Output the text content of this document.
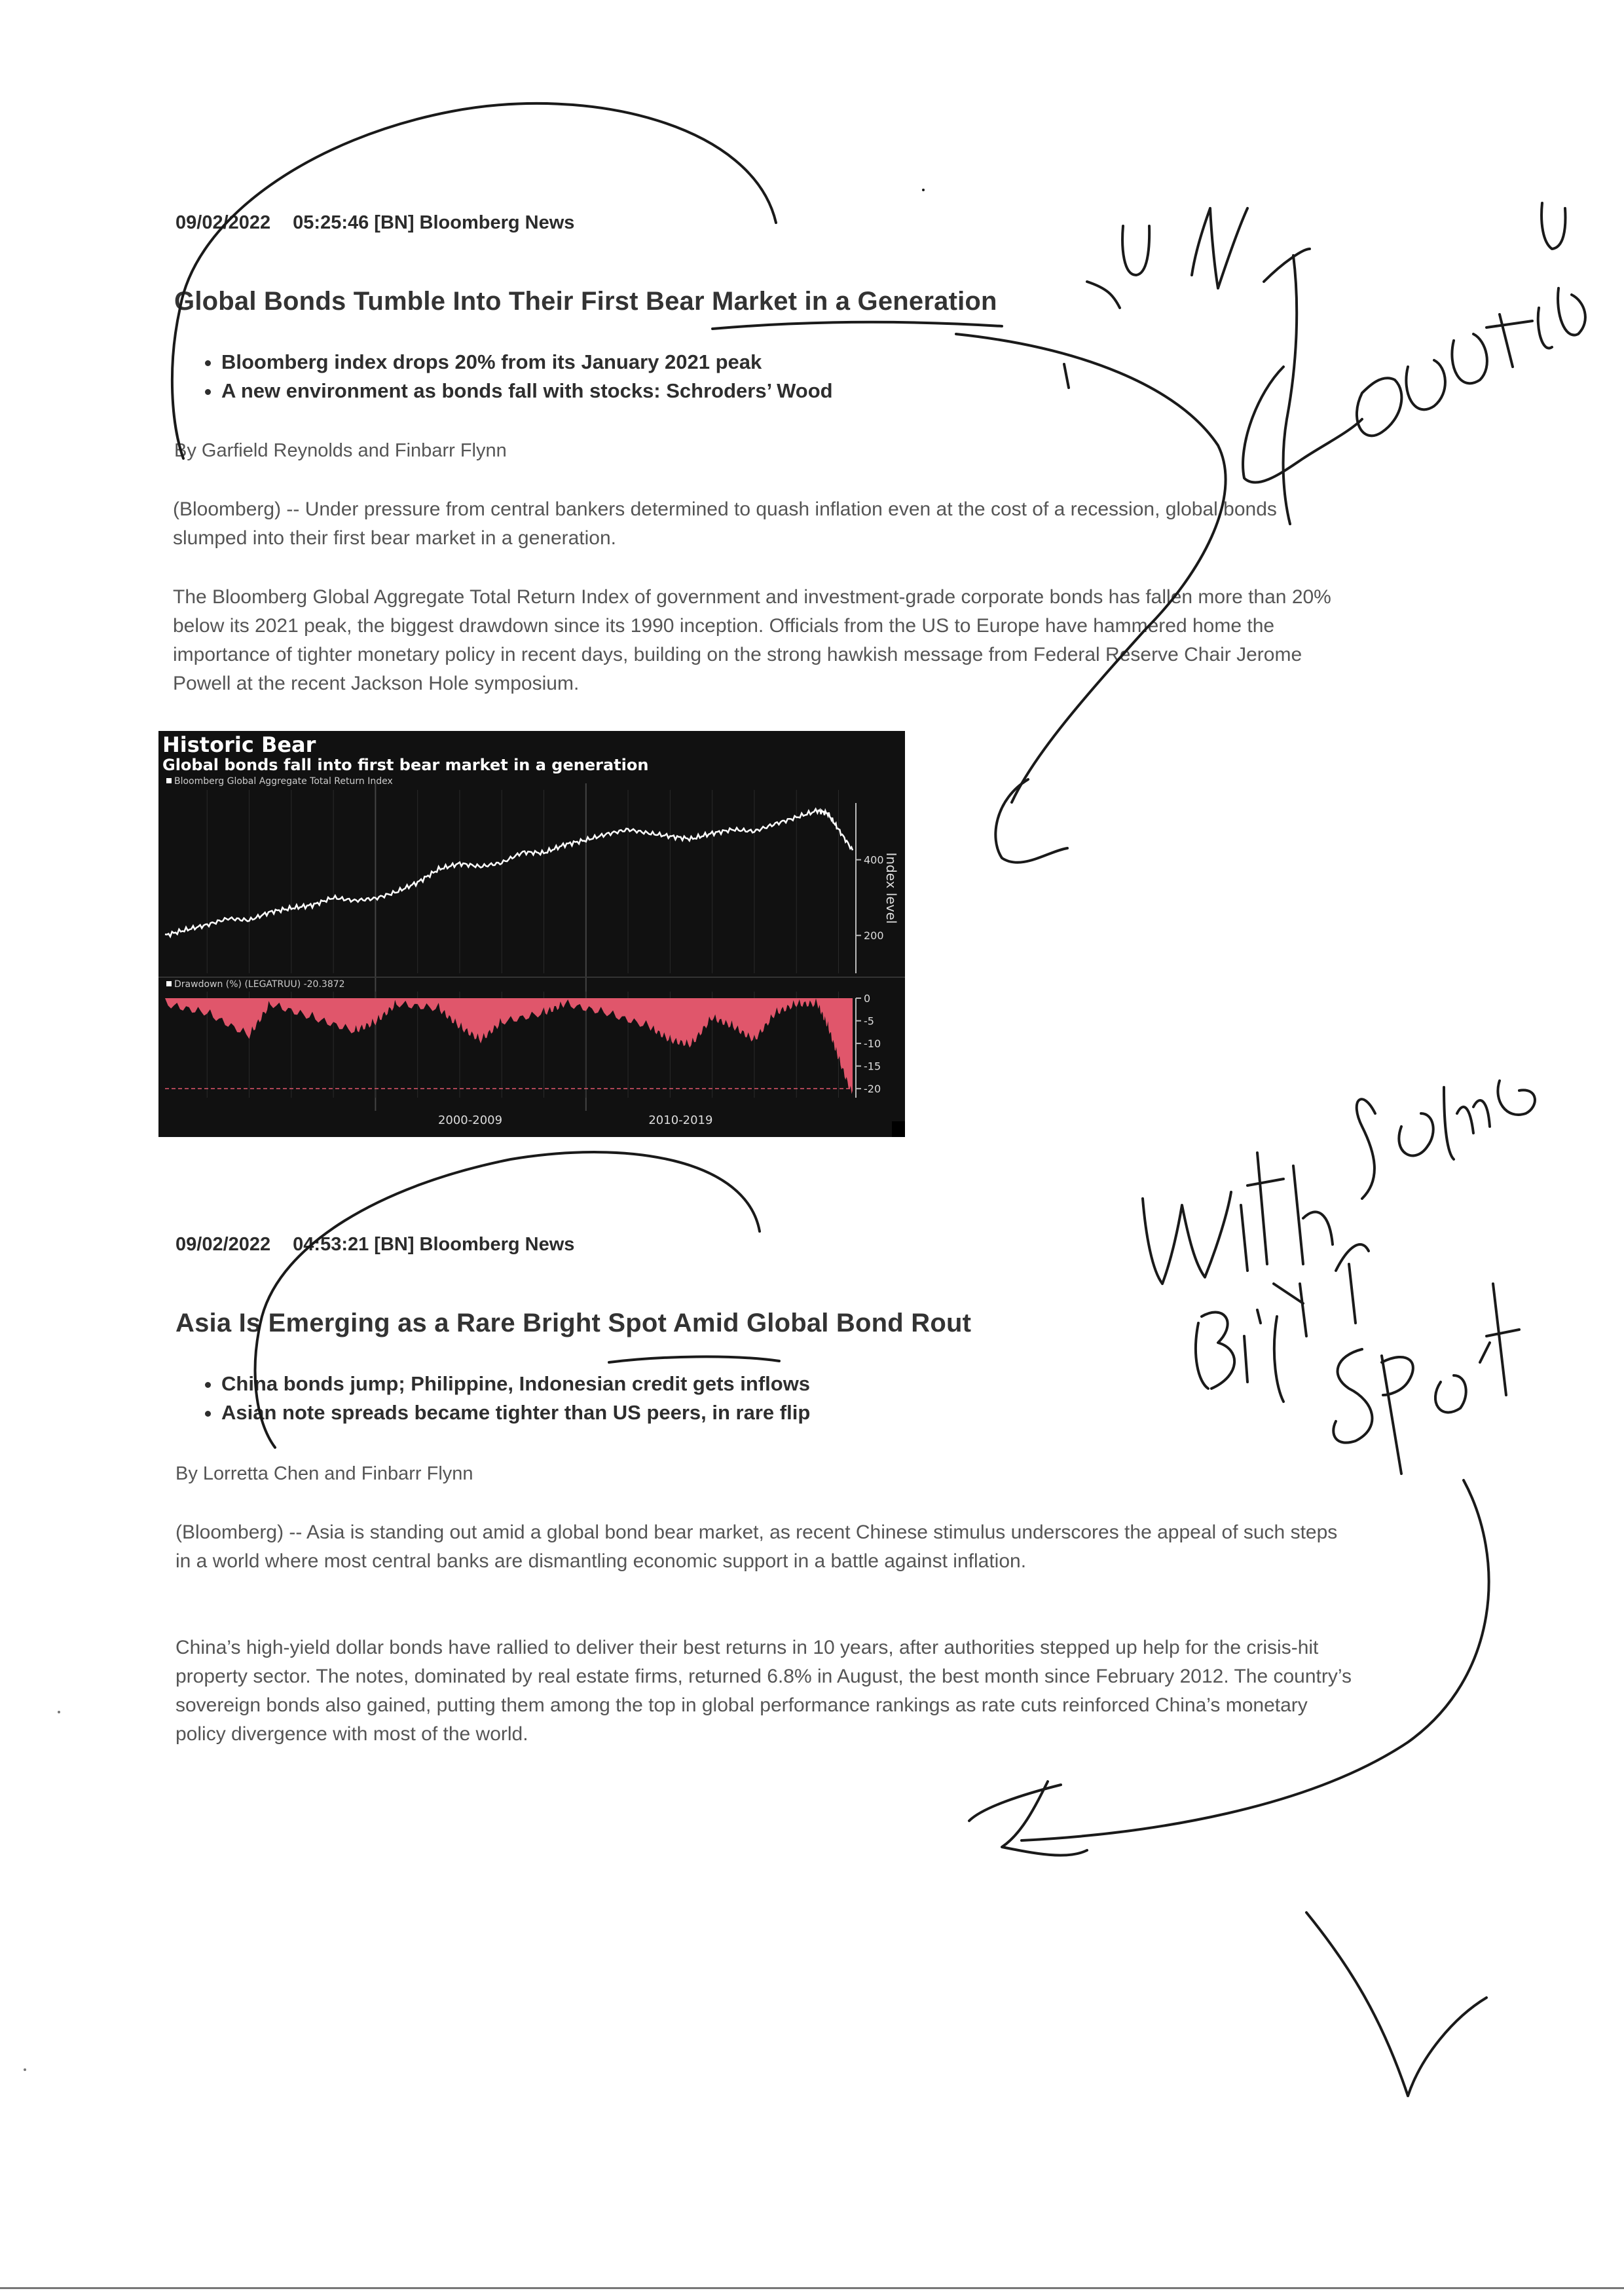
09/02/2022 05:25:46 [BN] Bloomberg News
Global Bonds Tumble Into Their First Bear Market in a Generation
• Bloomberg index drops 20% from its January 2021 peak
• A new environment as bonds fall with stocks: Schroders’ Wood
By Garfield Reynolds and Finbarr Flynn
(Bloomberg) -- Under pressure from central bankers determined to quash inflation even at the cost of a recession, global bonds slumped into their first bear market in a generation.
The Bloomberg Global Aggregate Total Return Index of government and investment-grade corporate bonds has fallen more than 20% below its 2021 peak, the biggest drawdown since its 1990 inception. Officials from the US to Europe have hammered home the importance of tighter monetary policy in recent days, building on the strong hawkish message from Federal Reserve Chair Jerome Powell at the recent Jackson Hole symposium.
Historic Bear
Global bonds fall into first bear market in a generation
Bloomberg Global Aggregate Total Return Index
Drawdown (%) (LEGATRUU) -20.3872
Index level
400
200
0
-5
-10
-15
-20
2000-2009	2010-2019
09/02/2022 04:53:21 [BN] Bloomberg News
Asia Is Emerging as a Rare Bright Spot Amid Global Bond Rout
• China bonds jump; Philippine, Indonesian credit gets inflows
• Asian note spreads became tighter than US peers, in rare flip
By Lorretta Chen and Finbarr Flynn
(Bloomberg) -- Asia is standing out amid a global bond bear market, as recent Chinese stimulus underscores the appeal of such steps in a world where most central banks are dismantling economic support in a battle against inflation.
China’s high-yield dollar bonds have rallied to deliver their best returns in 10 years, after authorities stepped up help for the crisis-hit property sector. The notes, dominated by real estate firms, returned 6.8% in August, the best month since February 2012. The country’s sovereign bonds also gained, putting them among the top in global performance rankings as rate cuts reinforced China’s monetary policy divergence with most of the world.
